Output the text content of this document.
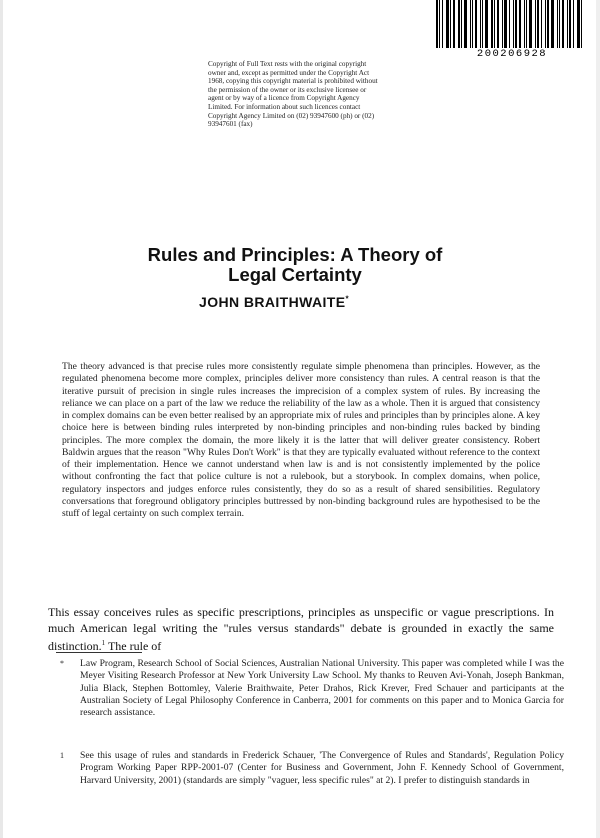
200206928
Copyright of Full Text rests with the original copyright owner and, except as permitted under the Copyright Act 1968, copying this copyright material is prohibited without the permission of the owner or its exclusive licensee or agent or by way of a licence from Copyright Agency Limited. For information about such licences contact Copyright Agency Limited on (02) 93947600 (ph) or (02) 93947601 (fax)
Rules and Principles: A Theory of
Legal Certainty
JOHN BRAITHWAITE*
The theory advanced is that precise rules more consistently regulate simple phenomena than principles. However, as the regulated phenomena become more complex, principles deliver more consistency than rules. A central reason is that the iterative pursuit of precision in single rules increases the imprecision of a complex system of rules. By increasing the reliance we can place on a part of the law we reduce the reliability of the law as a whole. Then it is argued that consistency in complex domains can be even better realised by an appropriate mix of rules and principles than by principles alone. A key choice here is between binding rules interpreted by non-binding principles and non-binding rules backed by binding principles. The more complex the domain, the more likely it is the latter that will deliver greater consistency. Robert Baldwin argues that the reason "Why Rules Don't Work" is that they are typically evaluated without reference to the context of their implementation. Hence we cannot understand when law is and is not consistently implemented by the police without confronting the fact that police culture is not a rulebook, but a storybook. In complex domains, when police, regulatory inspectors and judges enforce rules consistently, they do so as a result of shared sensibilities. Regulatory conversations that foreground obligatory principles buttressed by non-binding background rules are hypothesised to be the stuff of legal certainty on such complex terrain.
This essay conceives rules as specific prescriptions, principles as unspecific or vague prescriptions. In much American legal writing the "rules versus standards" debate is grounded in exactly the same distinction.$^1$ The rule of
* Law Program, Research School of Social Sciences, Australian National University. This paper was completed while I was the Meyer Visiting Research Professor at New York University Law School. My thanks to Reuven Avi-Yonah, Joseph Bankman, Julia Black, Stephen Bottomley, Valerie Braithwaite, Peter Drahos, Rick Krever, Fred Schauer and participants at the Australian Society of Legal Philosophy Conference in Canberra, 2001 for comments on this paper and to Monica Garcia for research assistance.
1 See this usage of rules and standards in Frederick Schauer, 'The Convergence of Rules and Standards', Regulation Policy Program Working Paper RPP-2001-07 (Center for Business and Government, John F. Kennedy School of Government, Harvard University, 2001) (standards are simply "vaguer, less specific rules" at 2). I prefer to distinguish standards in
